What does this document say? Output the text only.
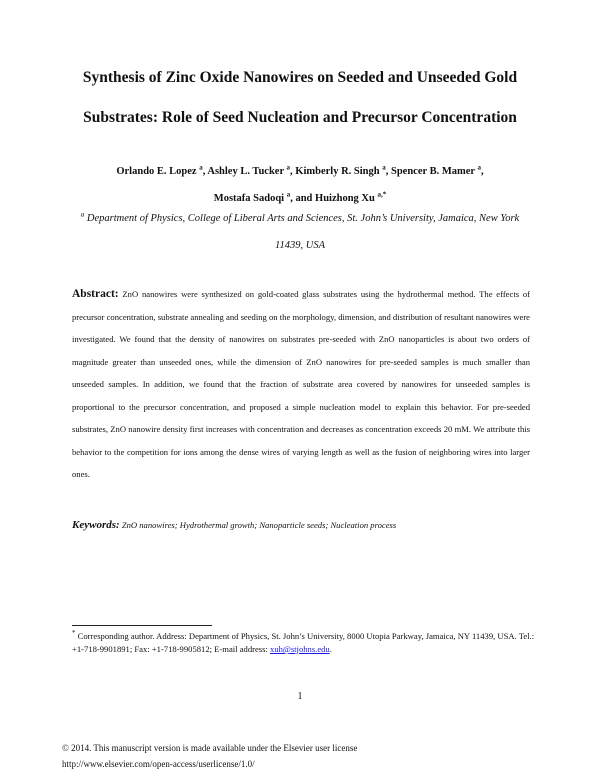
Synthesis of Zinc Oxide Nanowires on Seeded and Unseeded Gold
Substrates: Role of Seed Nucleation and Precursor Concentration
Orlando E. Lopez $^a$, Ashley L. Tucker $^a$, Kimberly R. Singh $^a$, Spencer B. Mamer $^a$,
Mostafa Sadoqi $^a$, and Huizhong Xu $^{a,*}$
$^a$ Department of Physics, College of Liberal Arts and Sciences, St. John’s University, Jamaica, New York
11439, USA
Abstract: ZnO nanowires were synthesized on gold-coated glass substrates using the hydrothermal method. The effects of precursor concentration, substrate annealing and seeding on the morphology, dimension, and distribution of resultant nanowires were investigated. We found that the density of nanowires on substrates pre-seeded with ZnO nanoparticles is about two orders of magnitude greater than unseeded ones, while the dimension of ZnO nanowires for pre-seeded samples is much smaller than unseeded samples. In addition, we found that the fraction of substrate area covered by nanowires for unseeded samples is proportional to the precursor concentration, and proposed a simple nucleation model to explain this behavior. For pre-seeded substrates, ZnO nanowire density first increases with concentration and decreases as concentration exceeds 20 mM. We attribute this behavior to the competition for ions among the dense wires of varying length as well as the fusion of neighboring wires into larger ones.
Keywords: ZnO nanowires; Hydrothermal growth; Nanoparticle seeds; Nucleation process
* Corresponding author. Address: Department of Physics, St. John’s University, 8000 Utopia Parkway, Jamaica, NY 11439, USA. Tel.: +1-718-9901891; Fax: +1-718-9905812; E-mail address: xuh@stjohns.edu.
1
© 2014. This manuscript version is made available under the Elsevier user license
http://www.elsevier.com/open-access/userlicense/1.0/
